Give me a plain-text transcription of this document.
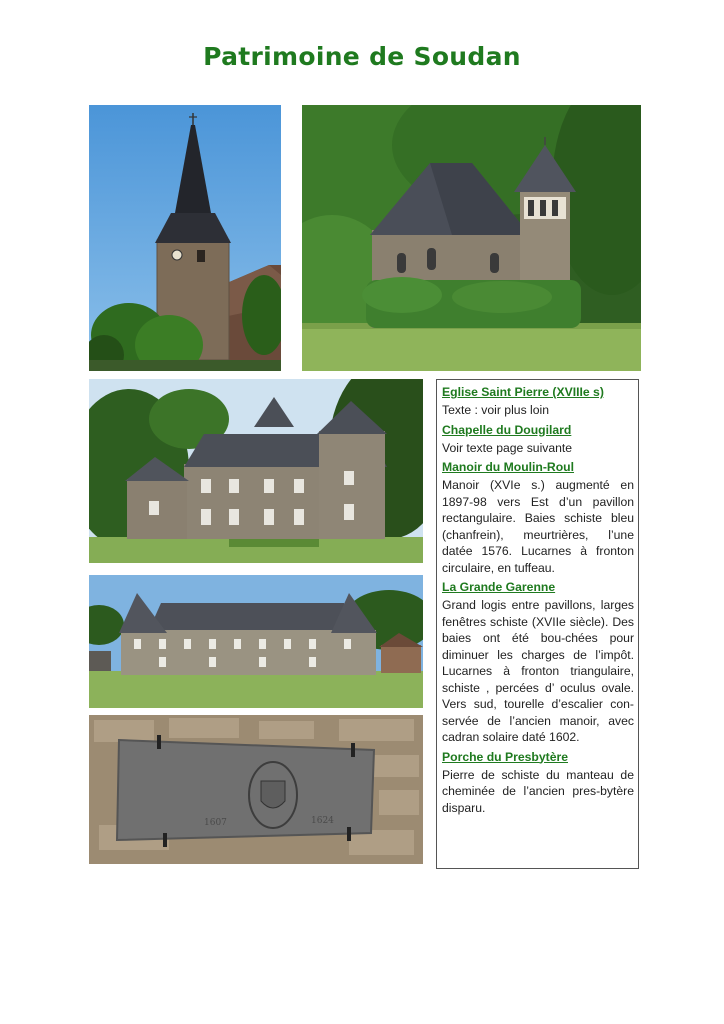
Patrimoine de Soudan
1607	1624
Eglise Saint Pierre (XVIIIe s)
Texte : voir plus loin
Chapelle du Dougilard
Voir texte page suivante
Manoir du Moulin-Roul
Manoir (XVIe s.) augmenté en 1897-98 vers Est d’un pavillon rectangulaire. Baies schiste bleu (chanfrein), meurtrières, l’une datée 1576. Lucarnes à fronton circulaire, en tuffeau.
La Grande Garenne
Grand logis entre pavillons, larges fenêtres schiste (XVIIe siècle). Des baies ont été bou-chées pour diminuer les charges de l’impôt. Lucarnes à fronton triangulaire, schiste , percées d’ oculus ovale. Vers sud, tourelle d’escalier con-servée de l’ancien manoir, avec cadran solaire daté 1602.
Porche du Presbytère
Pierre de schiste du manteau de cheminée de l’ancien pres-bytère disparu.
